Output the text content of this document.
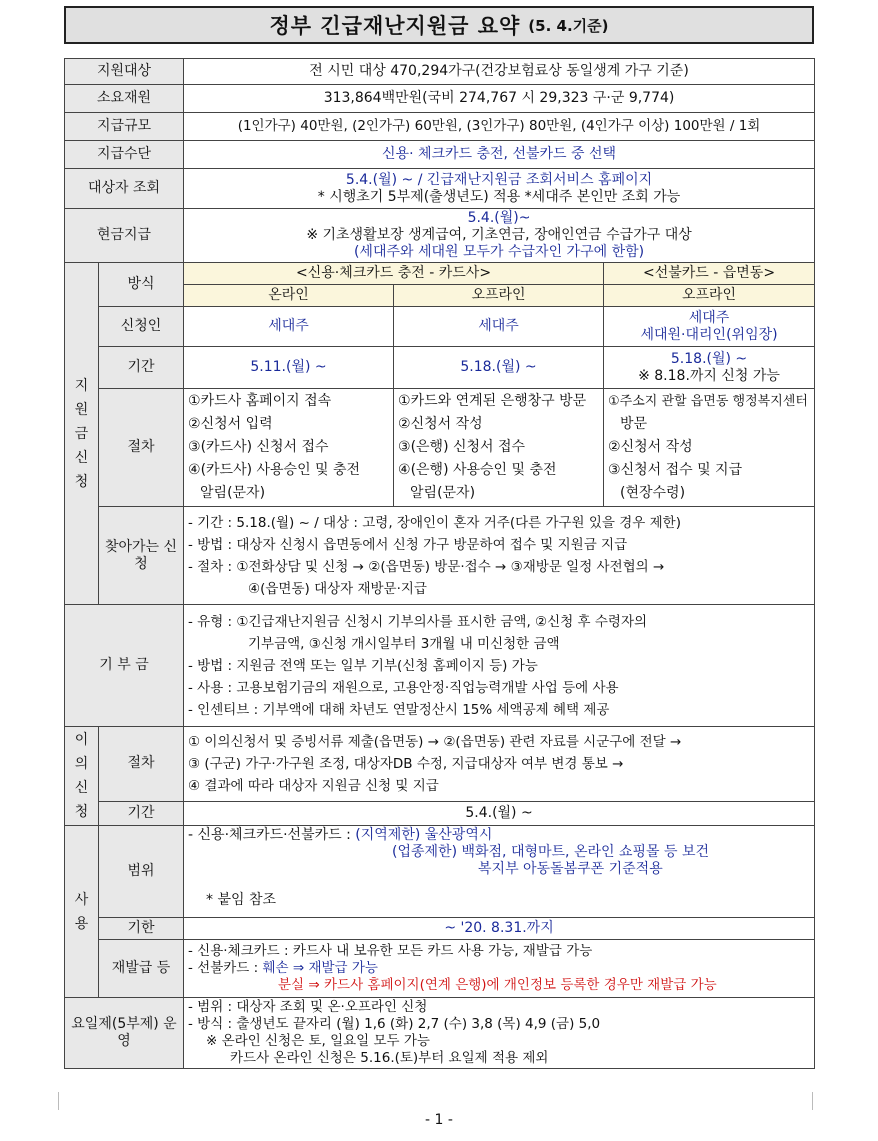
정부 긴급재난지원금 요약 (5. 4.기준)
지원대상		전 시민 대상 470,294가구(건강보험료상 동일생계 가구 기준)		
소요재원		313,864백만원(국비 274,767 시 29,323 구·군 9,774)		
지급규모		(1인가구) 40만원, (2인가구) 60만원, (3인가구) 80만원, (4인가구 이상) 100만원 / 1회		
지급수단		신용· 체크카드 충전, 선불카드 중 선택		
대상자 조회		5.4.(월) ~ / 긴급재난지원금 조회서비스 홈페이지
* 시행초기 5부제(출생년도) 적용 *세대주 본인만 조회 가능		

현금지급		5.4.(월)~
※ 기초생활보장 생계급여, 기초연금, 장애인연금 수급가구 대상
(세대주와 세대원 모두가 수급자인 가구에 한함)		

지원금 신청	방식	<신용·체크카드 충전 - 카드사>		<선불카드 - 읍면동>
		온라인	오프라인	오프라인
	신청인	세대주	세대주	세대주
세대원·대리인(위임장)

	기간	5.11.(월) ~	5.18.(월) ~	5.18.(월) ~
※ 8.18.까지 신청 가능

	절차	①카드사 홈페이지 접속
②신청서 입력
③(카드사) 신청서 접수
④(카드사) 사용승인 및 충전
알림(문자)	①카드와 연계된 은행창구 방문
②신청서 작성
③(은행) 신청서 접수
④(은행) 사용승인 및 충전
알림(문자)	①주소지 관할 읍면동 행정복지센터
방문
②신청서 작성
③신청서 접수 및 지급
(현장수령)

	찾아가는 신청	- 기간 : 5.18.(월) ~ / 대상 : 고령, 장애인이 혼자 거주(다른 가구원 있을 경우 제한)
- 방법 : 대상자 신청시 읍면동에서 신청 가구 방문하여 접수 및 지원금 지급
- 절차 : ①전화상담 및 신청 → ②(읍면동) 방문·접수 → ③재방문 일정 사전협의 →
④(읍면동) 대상자 재방문·지급		

기 부 금		- 유형 : ①긴급재난지원금 신청시 기부의사를 표시한 금액, ②신청 후 수령자의
기부금액, ③신청 개시일부터 3개월 내 미신청한 금액
- 방법 : 지원금 전액 또는 일부 기부(신청 홈페이지 등) 가능
- 사용 : 고용보험기금의 재원으로, 고용안정·직업능력개발 사업 등에 사용
- 인센티브 : 기부액에 대해 차년도 연말정산시 15% 세액공제 혜택 제공		

이의신청	절차	① 이의신청서 및 증빙서류 제출(읍면동) → ②(읍면동) 관련 자료를 시군구에 전달 →
③ (구군) 가구·가구원 조정, 대상자DB 수정, 지급대상자 여부 변경 통보 →
④ 결과에 따라 대상자 지원금 신청 및 지급		

	기간	5.4.(월) ~		
사용	범위	- 신용·체크카드·선불카드 : (지역제한) 울산광역시
(업종제한) 백화점, 대형마트, 온라인 쇼핑몰 등 보건
복지부 아동돌봄쿠폰 기준적용
* 붙임 참조		

	기한	~ '20. 8.31.까지		
	재발급 등	- 신용·체크카드 : 카드사 내 보유한 모든 카드 사용 가능, 재발급 가능
- 선불카드 : 훼손 ⇒ 재발급 가능
분실 ⇒ 카드사 홈페이지(연계 은행)에 개인정보 등록한 경우만 재발급 가능		

요일제(5부제) 운영		- 범위 : 대상자 조회 및 온·오프라인 신청
- 방식 : 출생년도 끝자리 (월) 1,6 (화) 2,7 (수) 3,8 (목) 4,9 (금) 5,0
※ 온라인 신청은 토, 일요일 모두 가능
카드사 온라인 신청은 5.16.(토)부터 요일제 적용 제외		
- 1 -
